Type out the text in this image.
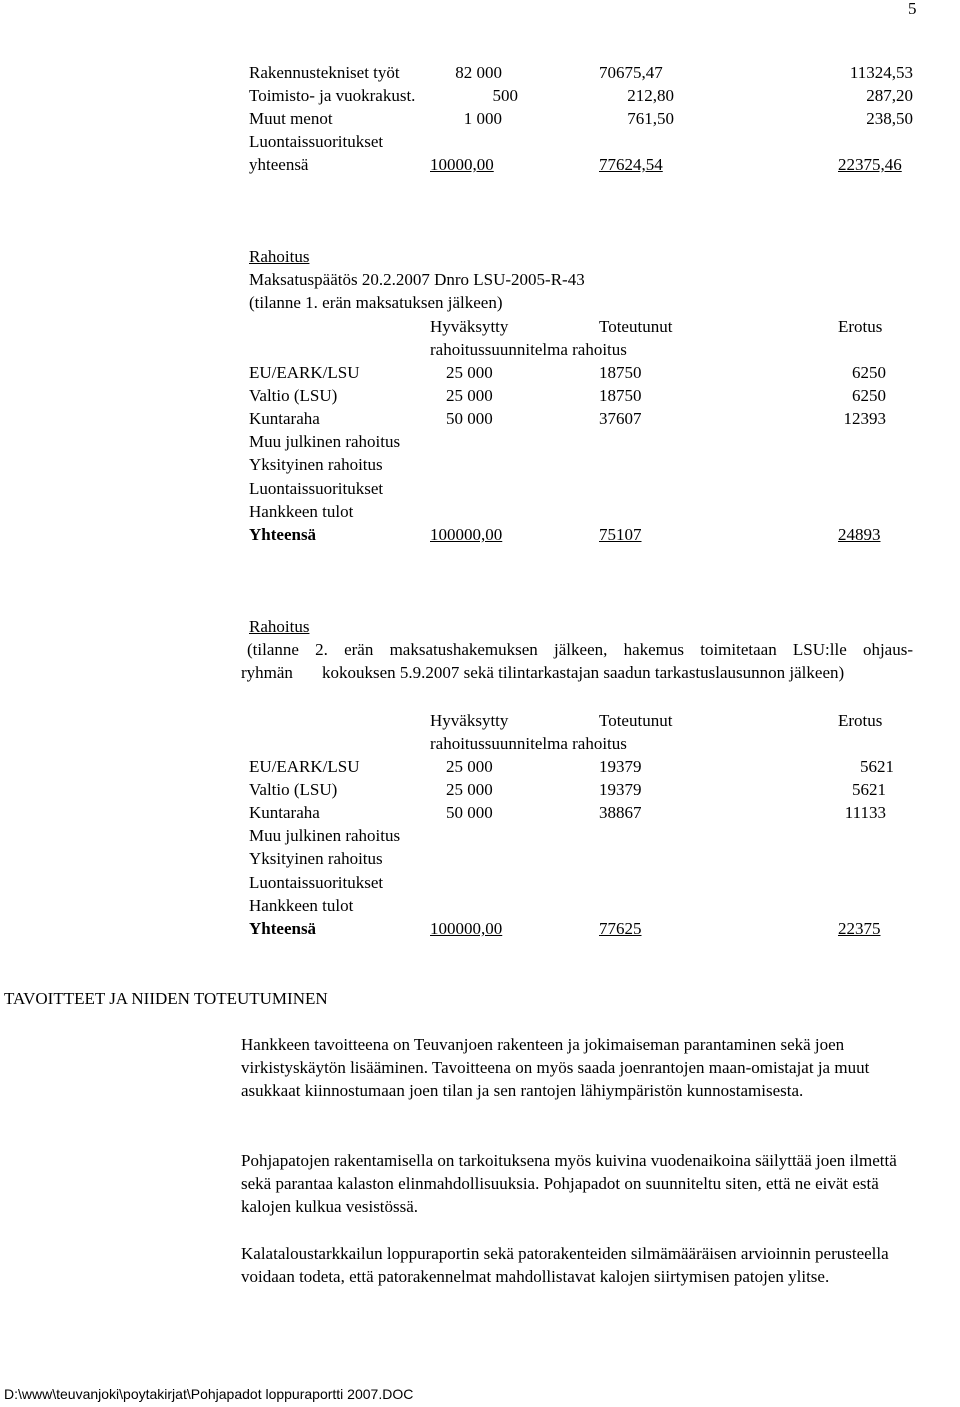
5
Rakennustekniset työt	82 000	70675,47	11324,53
Toimisto- ja vuokrakust.	500	212,80	287,20
Muut menot	1 000	761,50	238,50
Luontaissuoritukset
yhteensä	10000,00	77624,54	22375,46
Rahoitus
Maksatuspäätös 20.2.2007 Dnro LSU-2005-R-43
(tilanne 1. erän maksatuksen jälkeen)
Hyväksytty	Toteutunut	Erotus
rahoitussuunnitelma rahoitus
EU/EARK/LSU	25 000	18750	6250
Valtio (LSU)	25 000	18750	6250
Kuntaraha	50 000	37607	12393
Muu julkinen rahoitus
Yksityinen rahoitus
Luontaissuoritukset
Hankkeen tulot
Yhteensä	100000,00	75107	24893
Rahoitus
(tilanne 2. erän maksatushakemuksen jälkeen, hakemus toimitetaan LSU:lle ohjaus-
ryhmän kokouksen 5.9.2007 sekä tilintarkastajan saadun tarkastuslausunnon jälkeen)
Hyväksytty	Toteutunut	Erotus
rahoitussuunnitelma rahoitus
EU/EARK/LSU	25 000	19379	5621
Valtio (LSU)	25 000	19379	5621
Kuntaraha	50 000	38867	11133
Muu julkinen rahoitus
Yksityinen rahoitus
Luontaissuoritukset
Hankkeen tulot
Yhteensä	100000,00	77625	22375
TAVOITTEET JA NIIDEN TOTEUTUMINEN

Hankkeen tavoitteena on Teuvanjoen rakenteen ja jokimaiseman parantaminen sekä joen virkistyskäytön lisääminen. Tavoitteena on myös saada joenrantojen maan-omistajat ja muut asukkaat kiinnostumaan joen tilan ja sen rantojen lähiympäristön kunnostamisesta.

Pohjapatojen rakentamisella on tarkoituksena myös kuivina vuodenaikoina säilyttää joen ilmettä sekä parantaa kalaston elinmahdollisuuksia. Pohjapadot on suunniteltu siten, että ne eivät estä kalojen kulkua vesistössä.

Kalataloustarkkailun loppuraportin sekä patorakenteiden silmämääräisen arvioinnin perusteella voidaan todeta, että patorakennelmat mahdollistavat kalojen siirtymisen patojen ylitse.

D:\www\teuvanjoki\poytakirjat\Pohjapadot loppuraportti 2007.DOC
